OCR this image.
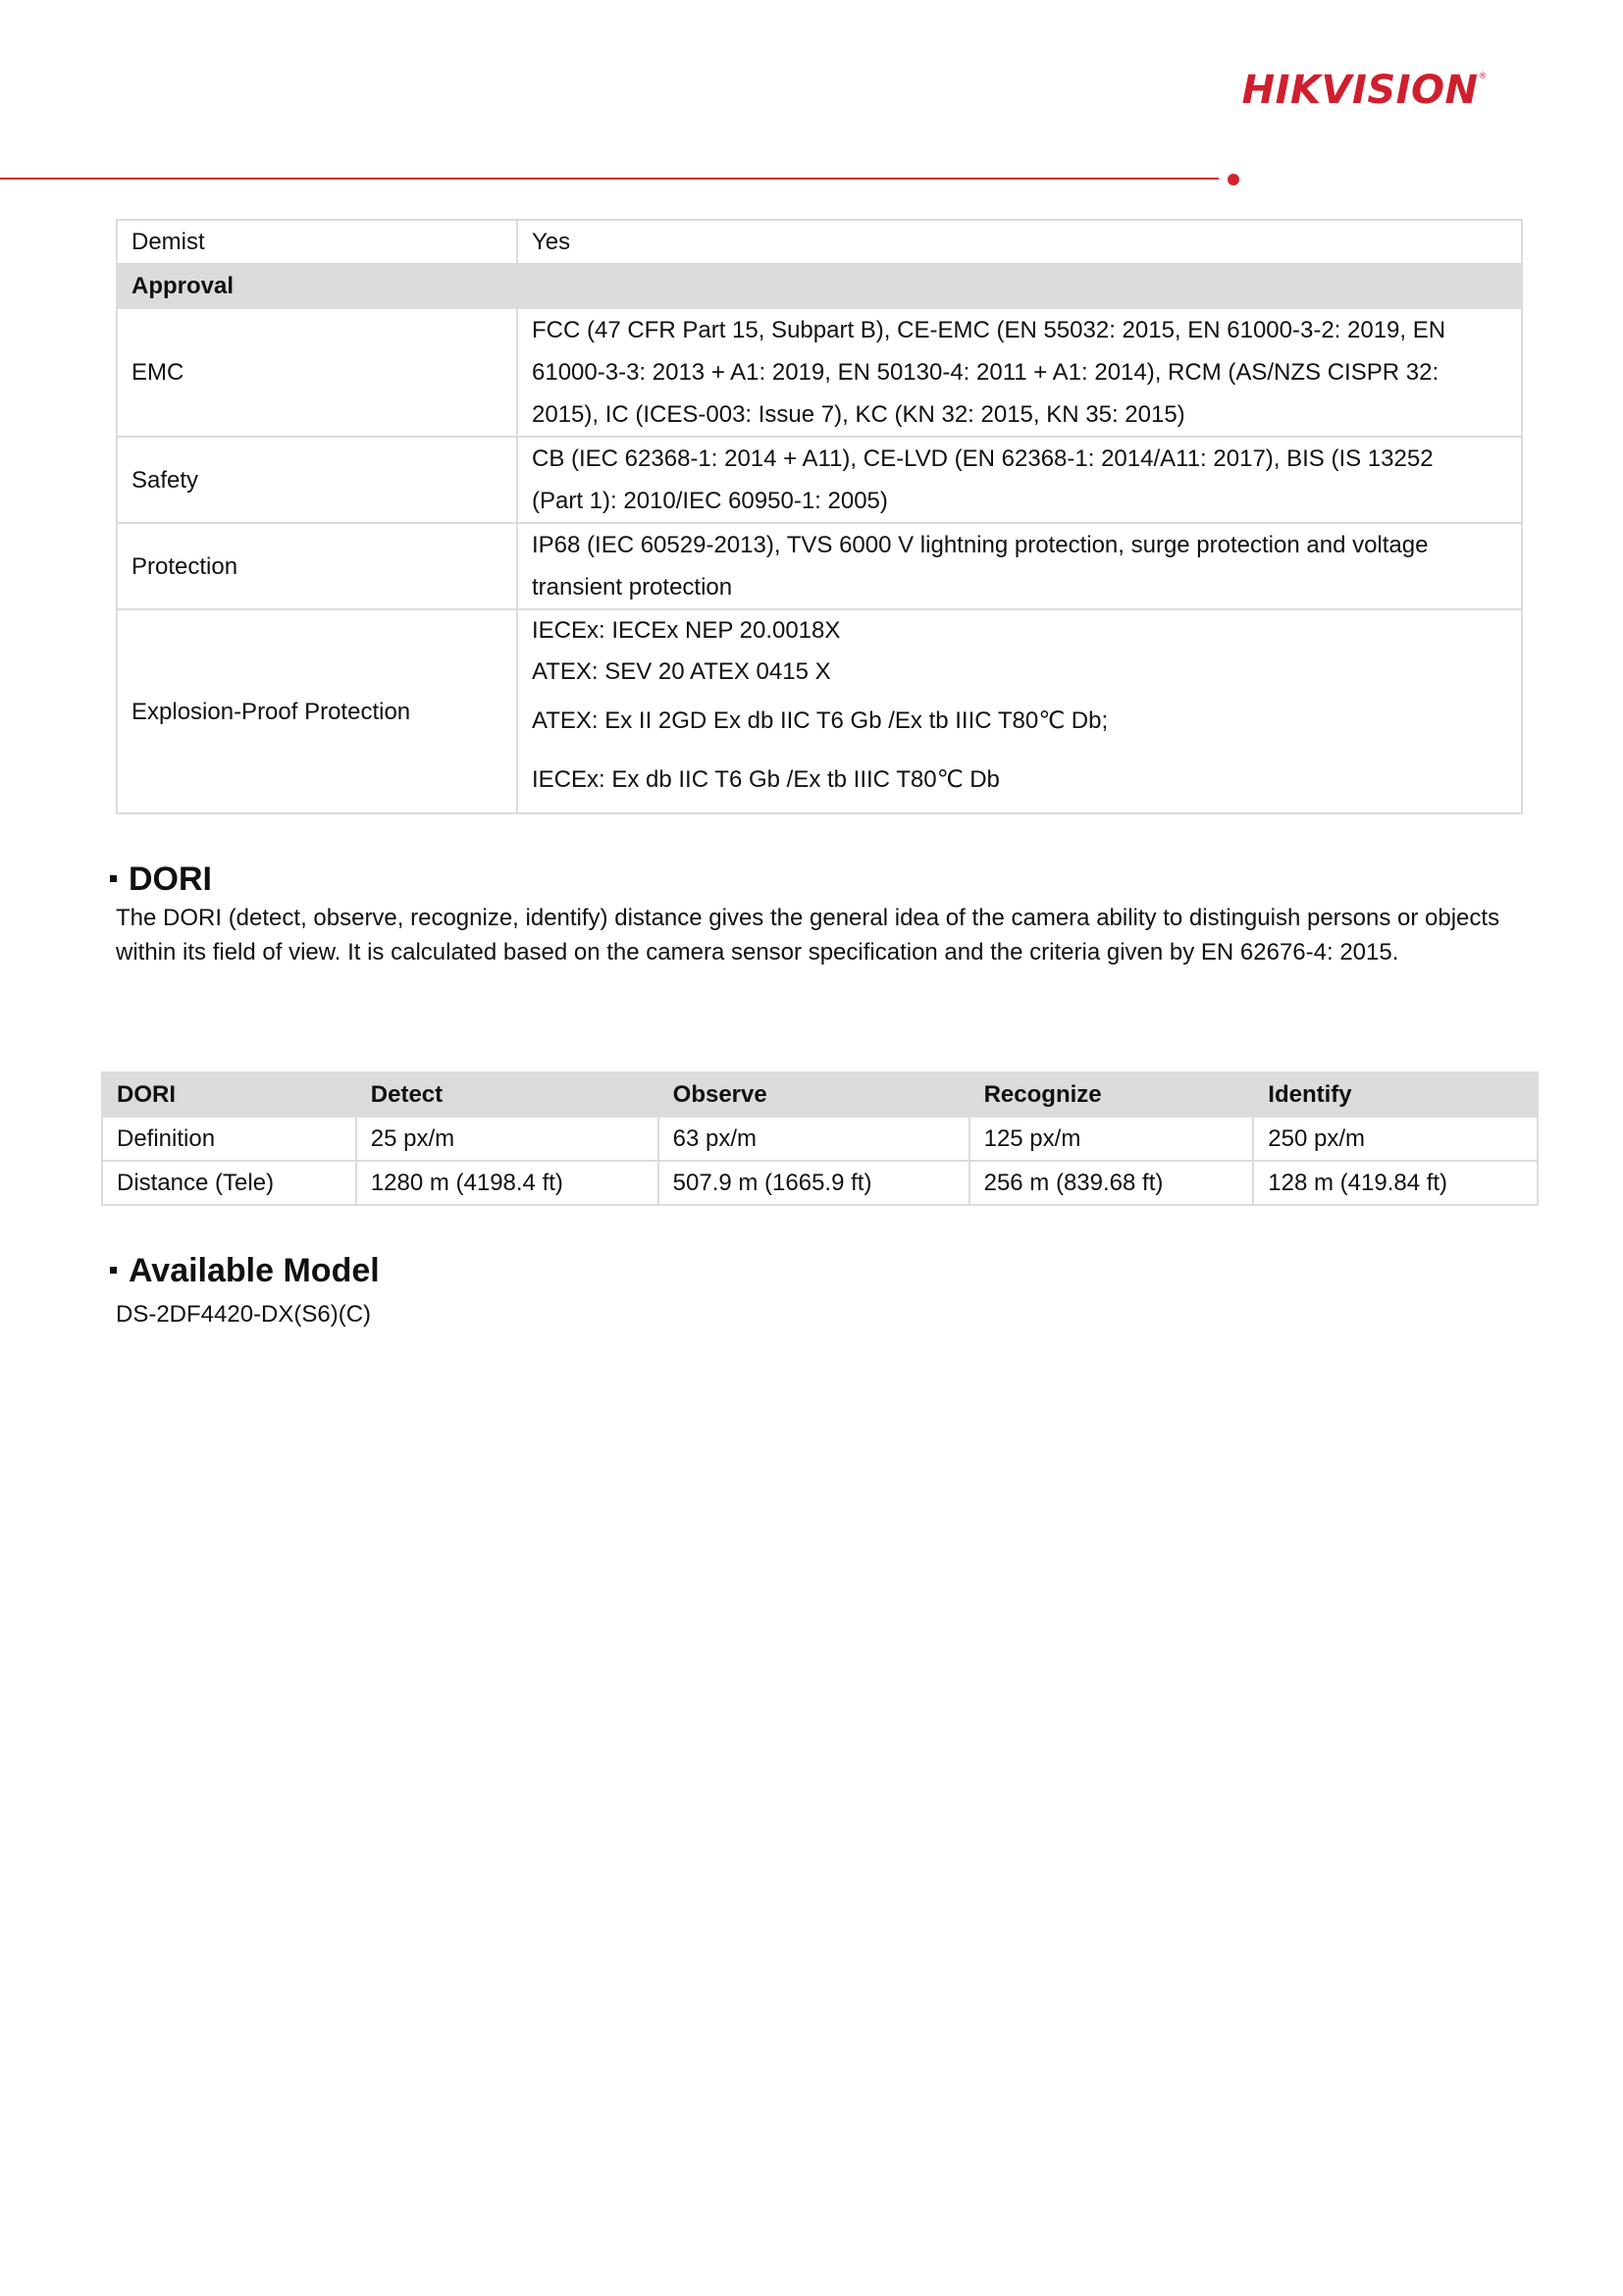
HIKVISION®
Demist	Yes
Approval	
EMC	FCC (47 CFR Part 15, Subpart B), CE-EMC (EN 55032: 2015, EN 61000-3-2: 2019, EN
61000-3-3: 2013 + A1: 2019, EN 50130-4: 2011 + A1: 2014), RCM (AS/NZS CISPR 32:
2015), IC (ICES-003: Issue 7), KC (KN 32: 2015, KN 35: 2015)

Safety	CB (IEC 62368-1: 2014 + A11), CE-LVD (EN 62368-1: 2014/A11: 2017), BIS (IS 13252
(Part 1): 2010/IEC 60950-1: 2005)

Protection	IP68 (IEC 60529-2013), TVS 6000 V lightning protection, surge protection and voltage
transient protection

Explosion-Proof Protection	IECEx: IECEx NEP 20.0018X
ATEX: SEV 20 ATEX 0415 X
ATEX: Ex II 2GD Ex db IIC T6 Gb /Ex tb IIIC T80℃ Db;
IECEx: Ex db IIC T6 Gb /Ex tb IIIC T80℃ Db
DORI
The DORI (detect, observe, recognize, identify) distance gives the general idea of the camera ability to distinguish persons or objects within its field of view. It is calculated based on the camera sensor specification and the criteria given by EN 62676-4: 2015.
DORI	Detect	Observe	Recognize	Identify
Definition	25 px/m	63 px/m	125 px/m	250 px/m
Distance (Tele)	1280 m (4198.4 ft)	507.9 m (1665.9 ft)	256 m (839.68 ft)	128 m (419.84 ft)
Available Model
DS-2DF4420-DX(S6)(C)
